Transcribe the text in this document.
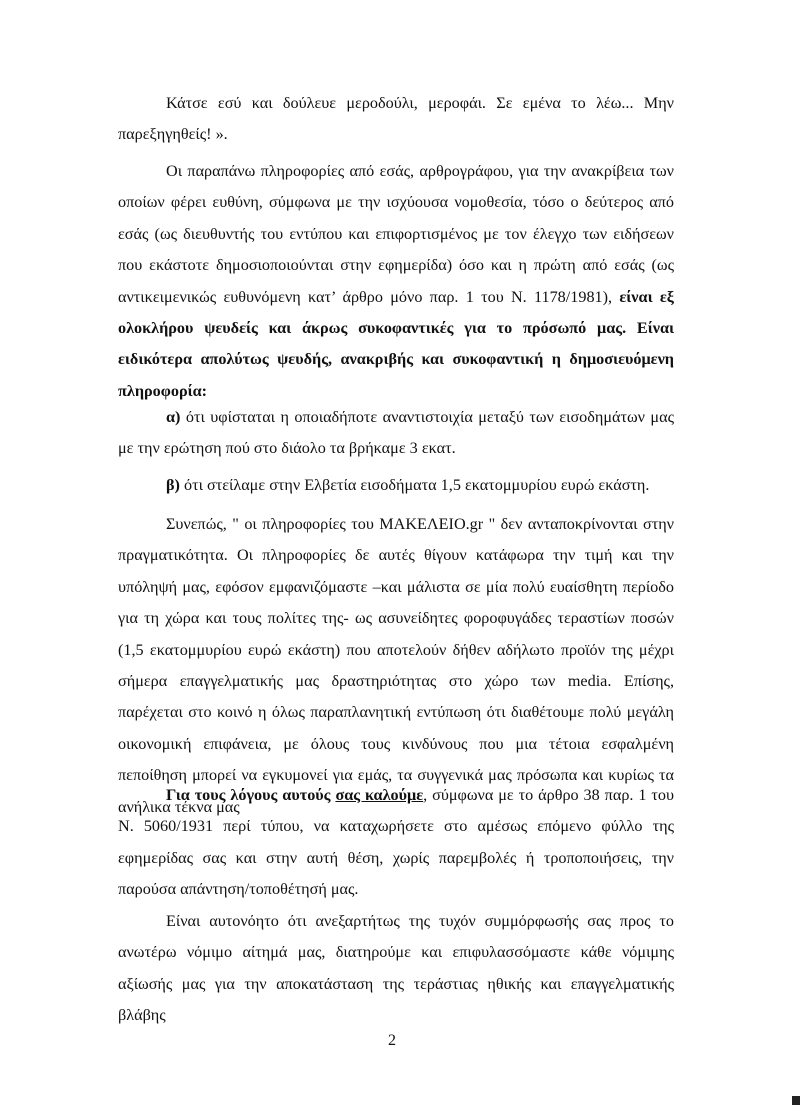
Κάτσε εσύ και δούλευε μεροδούλι, μεροφάι. Σε εμένα το λέω... Μην παρεξηγηθείς! ».
Οι παραπάνω πληροφορίες από εσάς, αρθρογράφου, για την ανακρίβεια των οποίων φέρει ευθύνη, σύμφωνα με την ισχύουσα νομοθεσία, τόσο ο δεύτερος από εσάς (ως διευθυντής του εντύπου και επιφορτισμένος με τον έλεγχο των ειδήσεων που εκάστοτε δημοσιοποιούνται στην εφημερίδα) όσο και η πρώτη από εσάς (ως αντικειμενικώς ευθυνόμενη κατ’ άρθρο μόνο παρ. 1 του Ν. 1178/1981), είναι εξ ολοκλήρου ψευδείς και άκρως συκοφαντικές για το πρόσωπό μας. Είναι ειδικότερα απολύτως ψευδής, ανακριβής και συκοφαντική η δημοσιευόμενη πληροφορία:
α) ότι υφίσταται η οποιαδήποτε αναντιστοιχία μεταξύ των εισοδημάτων μας με την ερώτηση πού στο διάολο τα βρήκαμε 3 εκατ.
β) ότι στείλαμε στην Ελβετία εισοδήματα 1,5 εκατομμυρίου ευρώ εκάστη.
Συνεπώς, " οι πληροφορίες του ΜΑΚΕΛΕΙΟ.gr " δεν ανταποκρίνονται στην πραγματικότητα. Οι πληροφορίες δε αυτές θίγουν κατάφωρα την τιμή και την υπόληψή μας, εφόσον εμφανιζόμαστε –και μάλιστα σε μία πολύ ευαίσθητη περίοδο για τη χώρα και τους πολίτες της- ως ασυνείδητες φοροφυγάδες τεραστίων ποσών (1,5 εκατομμυρίου ευρώ εκάστη) που αποτελούν δήθεν αδήλωτο προϊόν της μέχρι σήμερα επαγγελματικής μας δραστηριότητας στο χώρο των media. Επίσης, παρέχεται στο κοινό η όλως παραπλανητική εντύπωση ότι διαθέτουμε πολύ μεγάλη οικονομική επιφάνεια, με όλους τους κινδύνους που μια τέτοια εσφαλμένη πεποίθηση μπορεί να εγκυμονεί για εμάς, τα συγγενικά μας πρόσωπα και κυρίως τα ανήλικα τέκνα μας
Για τους λόγους αυτούς σας καλούμε, σύμφωνα με το άρθρο 38 παρ. 1 του Ν. 5060/1931 περί τύπου, να καταχωρήσετε στο αμέσως επόμενο φύλλο της εφημερίδας σας και στην αυτή θέση, χωρίς παρεμβολές ή τροποποιήσεις, την παρούσα απάντηση/τοποθέτησή μας.
Είναι αυτονόητο ότι ανεξαρτήτως της τυχόν συμμόρφωσής σας προς το ανωτέρω νόμιμο αίτημά μας, διατηρούμε και επιφυλασσόμαστε κάθε νόμιμης αξίωσής μας για την αποκατάσταση της τεράστιας ηθικής και επαγγελματικής βλάβης
2
